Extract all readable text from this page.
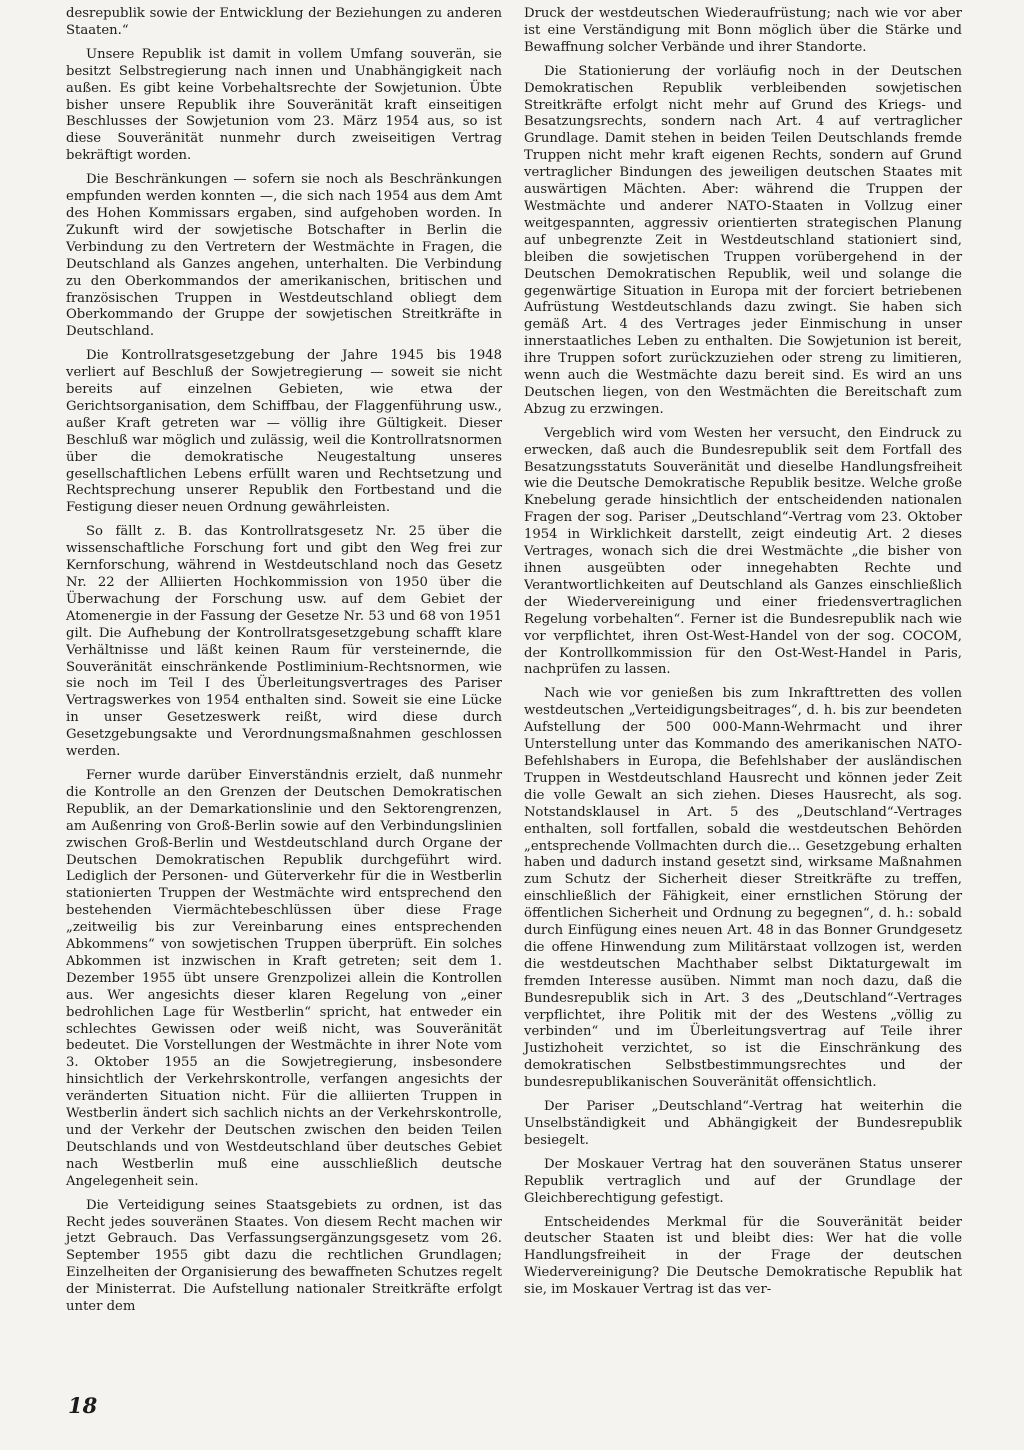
desrepublik sowie der Entwicklung der Beziehungen zu anderen Staaten.“

Unsere Republik ist damit in vollem Umfang souverän, sie besitzt Selbstregierung nach innen und Unabhängigkeit nach außen. Es gibt keine Vorbehaltsrechte der Sowjetunion. Übte bisher unsere Republik ihre Souveränität kraft einseitigen Beschlusses der Sowjetunion vom 23. März 1954 aus, so ist diese Souveränität nunmehr durch zweiseitigen Vertrag bekräftigt worden.

Die Beschränkungen — sofern sie noch als Beschränkungen empfunden werden konnten —, die sich nach 1954 aus dem Amt des Hohen Kommissars ergaben, sind aufgehoben worden. In Zukunft wird der sowjetische Botschafter in Berlin die Verbindung zu den Vertretern der Westmächte in Fragen, die Deutschland als Ganzes angehen, unterhalten. Die Verbindung zu den Oberkommandos der amerikanischen, britischen und französischen Truppen in Westdeutschland obliegt dem Oberkommando der Gruppe der sowjetischen Streitkräfte in Deutschland.

Die Kontrollratsgesetzgebung der Jahre 1945 bis 1948 verliert auf Beschluß der Sowjetregierung — soweit sie nicht bereits auf einzelnen Gebieten, wie etwa der Gerichtsorganisation, dem Schiffbau, der Flaggenführung usw., außer Kraft getreten war — völlig ihre Gültigkeit. Dieser Beschluß war möglich und zulässig, weil die Kontrollratsnormen über die demokratische Neugestaltung unseres gesellschaftlichen Lebens erfüllt waren und Rechtsetzung und Rechtsprechung unserer Republik den Fortbestand und die Festigung dieser neuen Ordnung gewährleisten.

So fällt z. B. das Kontrollratsgesetz Nr. 25 über die wissenschaftliche Forschung fort und gibt den Weg frei zur Kernforschung, während in Westdeutschland noch das Gesetz Nr. 22 der Alliierten Hochkommission von 1950 über die Überwachung der Forschung usw. auf dem Gebiet der Atomenergie in der Fassung der Gesetze Nr. 53 und 68 von 1951 gilt. Die Aufhebung der Kontrollratsgesetzgebung schafft klare Verhältnisse und läßt keinen Raum für versteinernde, die Souveränität einschränkende Postliminium-Rechtsnormen, wie sie noch im Teil I des Überleitungsvertrages des Pariser Vertragswerkes von 1954 enthalten sind. Soweit sie eine Lücke in unser Gesetzeswerk reißt, wird diese durch Gesetzgebungsakte und Verordnungsmaßnahmen geschlossen werden.

Ferner wurde darüber Einverständnis erzielt, daß nunmehr die Kontrolle an den Grenzen der Deutschen Demokratischen Republik, an der Demarkationslinie und den Sektorengrenzen, am Außenring von Groß-Berlin sowie auf den Verbindungslinien zwischen Groß-Berlin und Westdeutschland durch Organe der Deutschen Demokratischen Republik durchgeführt wird. Lediglich der Personen- und Güterverkehr für die in Westberlin stationierten Truppen der Westmächte wird entsprechend den bestehenden Viermächtebeschlüssen über diese Frage „zeitweilig bis zur Vereinbarung eines entsprechenden Abkommens“ von sowjetischen Truppen überprüft. Ein solches Abkommen ist inzwischen in Kraft getreten; seit dem 1. Dezember 1955 übt unsere Grenzpolizei allein die Kontrollen aus. Wer angesichts dieser klaren Regelung von „einer bedrohlichen Lage für Westberlin“ spricht, hat entweder ein schlechtes Gewissen oder weiß nicht, was Souveränität bedeutet. Die Vorstellungen der Westmächte in ihrer Note vom 3. Oktober 1955 an die Sowjetregierung, insbesondere hinsichtlich der Verkehrskontrolle, verfangen angesichts der veränderten Situation nicht. Für die alliierten Truppen in Westberlin ändert sich sachlich nichts an der Verkehrskontrolle, und der Verkehr der Deutschen zwischen den beiden Teilen Deutschlands und von Westdeutschland über deutsches Gebiet nach Westberlin muß eine ausschließlich deutsche Angelegenheit sein.

Die Verteidigung seines Staatsgebiets zu ordnen, ist das Recht jedes souveränen Staates. Von diesem Recht machen wir jetzt Gebrauch. Das Verfassungsergänzungsgesetz vom 26. September 1955 gibt dazu die rechtlichen Grundlagen; Einzelheiten der Organisierung des bewaffneten Schutzes regelt der Ministerrat. Die Aufstellung nationaler Streitkräfte erfolgt unter dem

Druck der westdeutschen Wiederaufrüstung; nach wie vor aber ist eine Verständigung mit Bonn möglich über die Stärke und Bewaffnung solcher Verbände und ihrer Standorte.

Die Stationierung der vorläufig noch in der Deutschen Demokratischen Republik verbleibenden sowjetischen Streitkräfte erfolgt nicht mehr auf Grund des Kriegs- und Besatzungsrechts, sondern nach Art. 4 auf vertraglicher Grundlage. Damit stehen in beiden Teilen Deutschlands fremde Truppen nicht mehr kraft eigenen Rechts, sondern auf Grund vertraglicher Bindungen des jeweiligen deutschen Staates mit auswärtigen Mächten. Aber: während die Truppen der Westmächte und anderer NATO-Staaten in Vollzug einer weitgespannten, aggressiv orientierten strategischen Planung auf unbegrenzte Zeit in Westdeutschland stationiert sind, bleiben die sowjetischen Truppen vorübergehend in der Deutschen Demokratischen Republik, weil und solange die gegenwärtige Situation in Europa mit der forciert betriebenen Aufrüstung Westdeutschlands dazu zwingt. Sie haben sich gemäß Art. 4 des Vertrages jeder Einmischung in unser innerstaatliches Leben zu enthalten. Die Sowjetunion ist bereit, ihre Truppen sofort zurückzuziehen oder streng zu limitieren, wenn auch die Westmächte dazu bereit sind. Es wird an uns Deutschen liegen, von den Westmächten die Bereitschaft zum Abzug zu erzwingen.

Vergeblich wird vom Westen her versucht, den Eindruck zu erwecken, daß auch die Bundesrepublik seit dem Fortfall des Besatzungsstatuts Souveränität und dieselbe Handlungsfreiheit wie die Deutsche Demokratische Republik besitze. Welche große Knebelung gerade hinsichtlich der entscheidenden nationalen Fragen der sog. Pariser „Deutschland“-Vertrag vom 23. Oktober 1954 in Wirklichkeit darstellt, zeigt eindeutig Art. 2 dieses Vertrages, wonach sich die drei Westmächte „die bisher von ihnen ausgeübten oder innegehabten Rechte und Verantwortlichkeiten auf Deutschland als Ganzes einschließlich der Wiedervereinigung und einer friedensvertraglichen Regelung vorbehalten“. Ferner ist die Bundesrepublik nach wie vor verpflichtet, ihren Ost-West-Handel von der sog. COCOM, der Kontrollkommission für den Ost-West-Handel in Paris, nachprüfen zu lassen.

Nach wie vor genießen bis zum Inkrafttretten des vollen westdeutschen „Verteidigungsbeitrages“, d. h. bis zur beendeten Aufstellung der 500 000-Mann-Wehrmacht und ihrer Unterstellung unter das Kommando des amerikanischen NATO-Befehlshabers in Europa, die Befehlshaber der ausländischen Truppen in Westdeutschland Hausrecht und können jeder Zeit die volle Gewalt an sich ziehen. Dieses Hausrecht, als sog. Notstandsklausel in Art. 5 des „Deutschland“-Vertrages enthalten, soll fortfallen, sobald die westdeutschen Behörden „entsprechende Vollmachten durch die... Gesetzgebung erhalten haben und dadurch instand gesetzt sind, wirksame Maßnahmen zum Schutz der Sicherheit dieser Streitkräfte zu treffen, einschließlich der Fähigkeit, einer ernstlichen Störung der öffentlichen Sicherheit und Ordnung zu begegnen“, d. h.: sobald durch Einfügung eines neuen Art. 48 in das Bonner Grundgesetz die offene Hinwendung zum Militärstaat vollzogen ist, werden die westdeutschen Machthaber selbst Diktaturgewalt im fremden Interesse ausüben. Nimmt man noch dazu, daß die Bundesrepublik sich in Art. 3 des „Deutschland“-Vertrages verpflichtet, ihre Politik mit der des Westens „völlig zu verbinden“ und im Überleitungsvertrag auf Teile ihrer Justizhoheit verzichtet, so ist die Einschränkung des demokratischen Selbstbestimmungsrechtes und der bundesrepublikanischen Souveränität offensichtlich.

Der Pariser „Deutschland“-Vertrag hat weiterhin die Unselbständigkeit und Abhängigkeit der Bundesrepublik besiegelt.

Der Moskauer Vertrag hat den souveränen Status unserer Republik vertraglich und auf der Grundlage der Gleichberechtigung gefestigt.

Entscheidendes Merkmal für die Souveränität beider deutscher Staaten ist und bleibt dies: Wer hat die volle Handlungsfreiheit in der Frage der deutschen Wiedervereinigung? Die Deutsche Demokratische Republik hat sie, im Moskauer Vertrag ist das ver-

18
